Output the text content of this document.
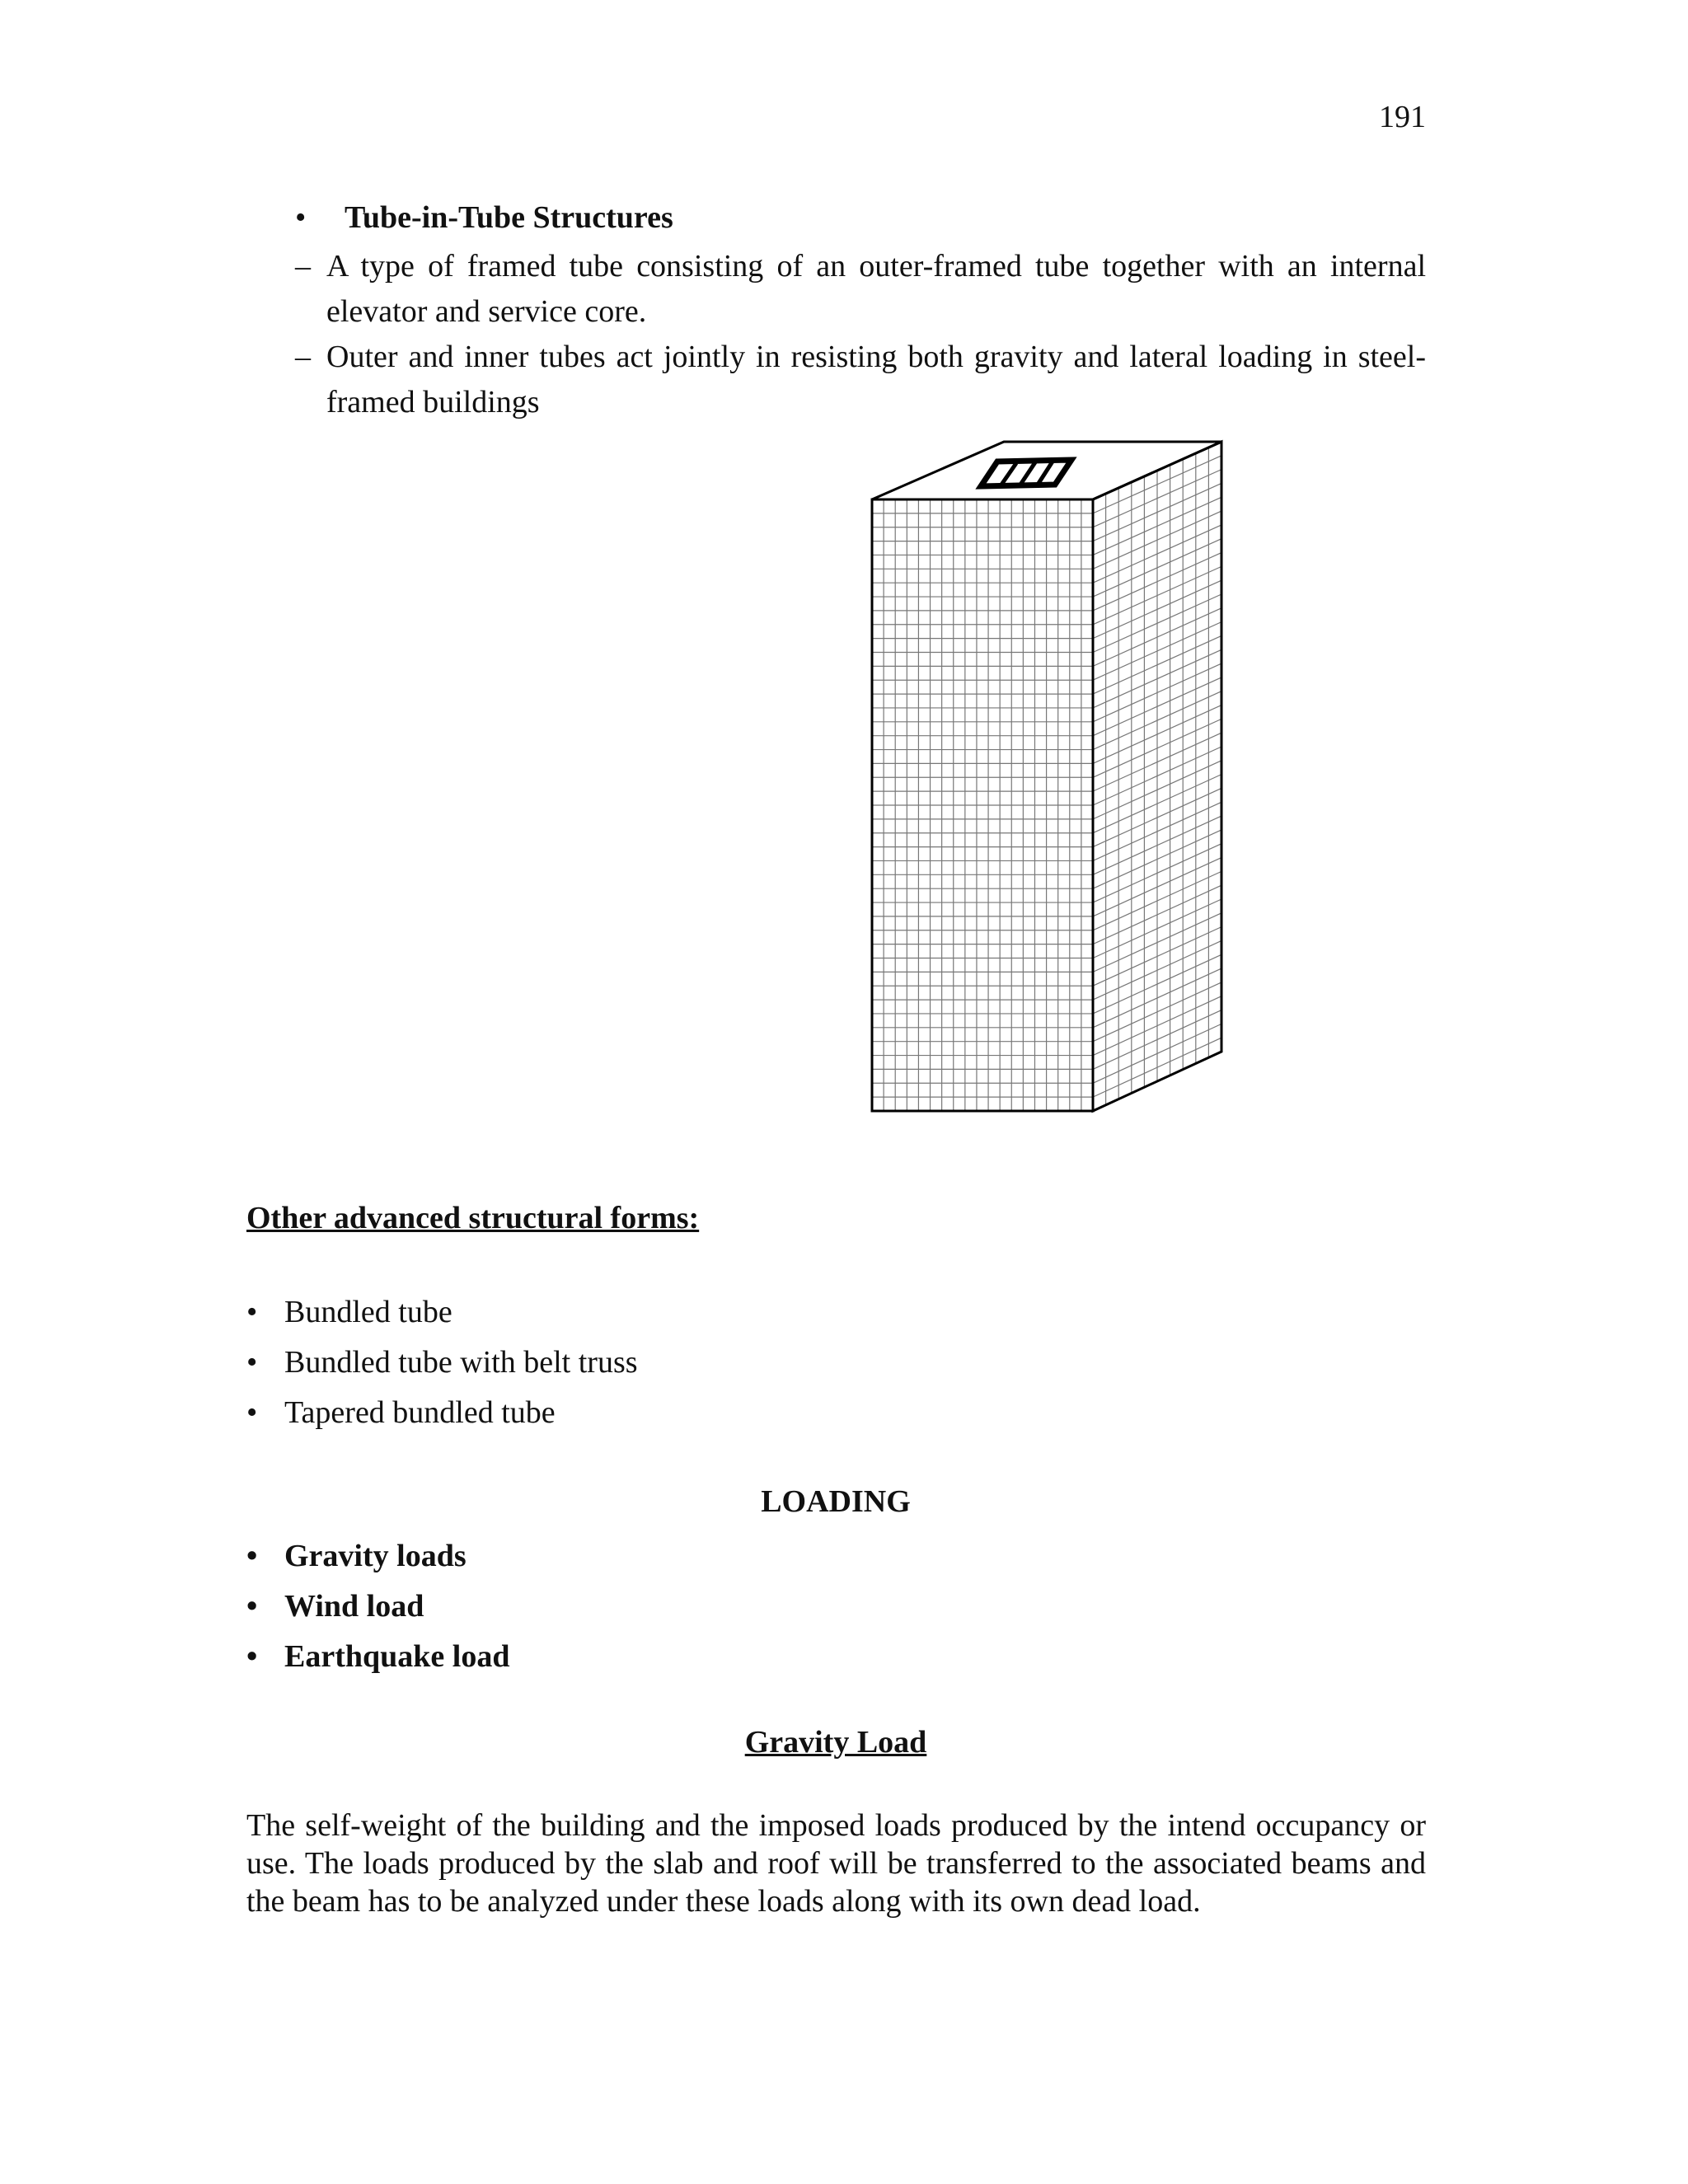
191
• Tube-in-Tube Structures
– A type of framed tube consisting of an outer-framed tube together with an internal elevator and service core.
– Outer and inner tubes act jointly in resisting both gravity and lateral loading in steel-framed buildings
Other advanced structural forms:
• Bundled tube
• Bundled tube with belt truss
• Tapered bundled tube
LOADING
• Gravity loads
• Wind load
• Earthquake load
Gravity Load
The self-weight of the building and the imposed loads produced by the intend occupancy or use. The loads produced by the slab and roof will be transferred to the associated beams and the beam has to be analyzed under these loads along with its own dead load.
